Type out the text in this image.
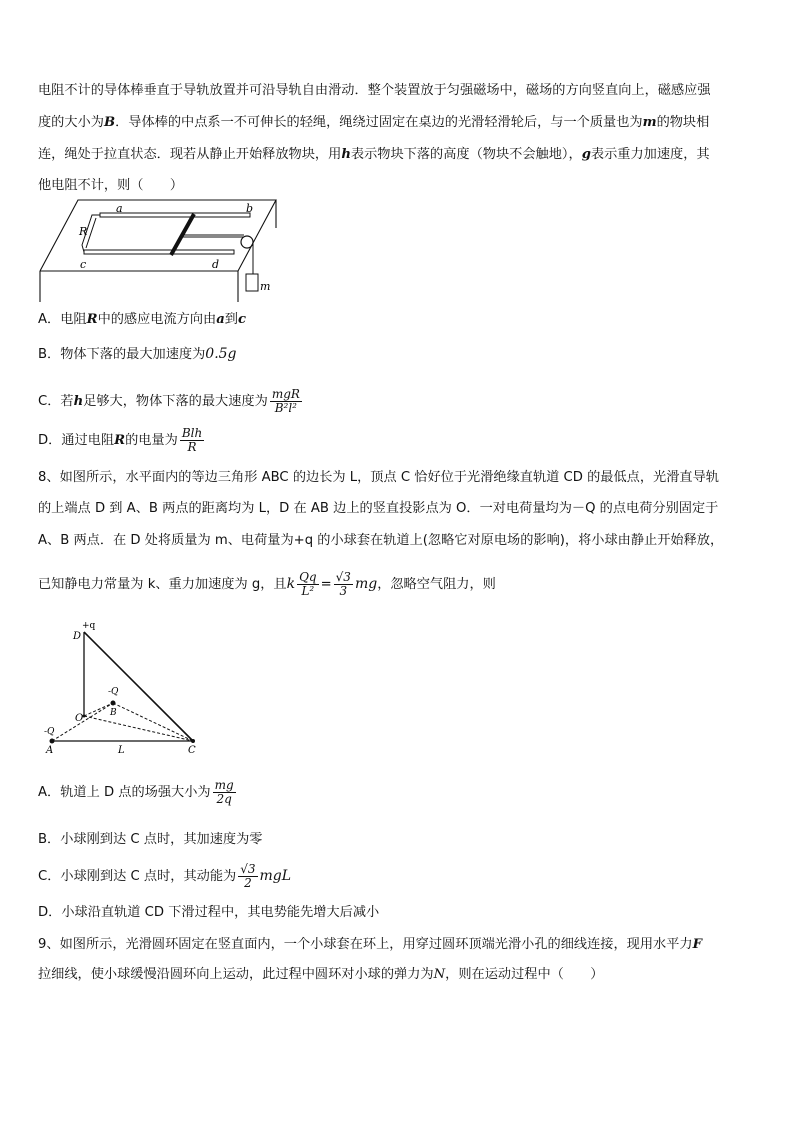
电阻不计的导体棒垂直于导轨放置并可沿导轨自由滑动．整个装置放于匀强磁场中，磁场的方向竖直向上，磁感应强
度的大小为B．导体棒的中点系一不可伸长的轻绳，绳绕过固定在桌边的光滑轻滑轮后，与一个质量也为m的物块相
连，绳处于拉直状态．现若从静止开始释放物块，用h表示物块下落的高度（物块不会触地），g表示重力加速度，其
他电阻不计，则（　　）
a	b
c	d
R
m
A．电阻R中的感应电流方向由a到c
B．物体下落的最大加速度为0.5g
C．若h足够大，物体下落的最大速度为 $\frac{\text{mgR}}{\text{B²l²}}$
D．通过电阻R的电量为 $\frac{\text{Blh}}{R}$
8、如图所示，水平面内的等边三角形 ABC 的边长为 L，顶点 C 恰好位于光滑绝缘直轨道 CD 的最低点，光滑直导轨
的上端点 D 到 A、B 两点的距离均为 L，D 在 AB 边上的竖直投影点为 O．一对电荷量均为－Q 的点电荷分别固定于
A、B 两点．在 D 处将质量为 m、电荷量为+q 的小球套在轨道上(忽略它对原电场的影响)，将小球由静止开始释放，
已知静电力常量为 k、重力加速度为 g，且k $\frac{Qq}{\text{L²}} = \frac{√3}{3}$ mg，忽略空气阻力，则
+q
D
-Q
B
O
-Q
A	L	C
A．轨道上 D 点的场强大小为 $\frac{mg}{2q}$
B．小球刚到达 C 点时，其加速度为零
C．小球刚到达 C 点时，其动能为 $\frac{√3}{2}$ mgL
D．小球沿直轨道 CD 下滑过程中，其电势能先增大后减小
9、如图所示，光滑圆环固定在竖直面内，一个小球套在环上，用穿过圆环顶端光滑小孔的细线连接，现用水平力F
拉细线，使小球缓慢沿圆环向上运动，此过程中圆环对小球的弹力为N，则在运动过程中（　　）
